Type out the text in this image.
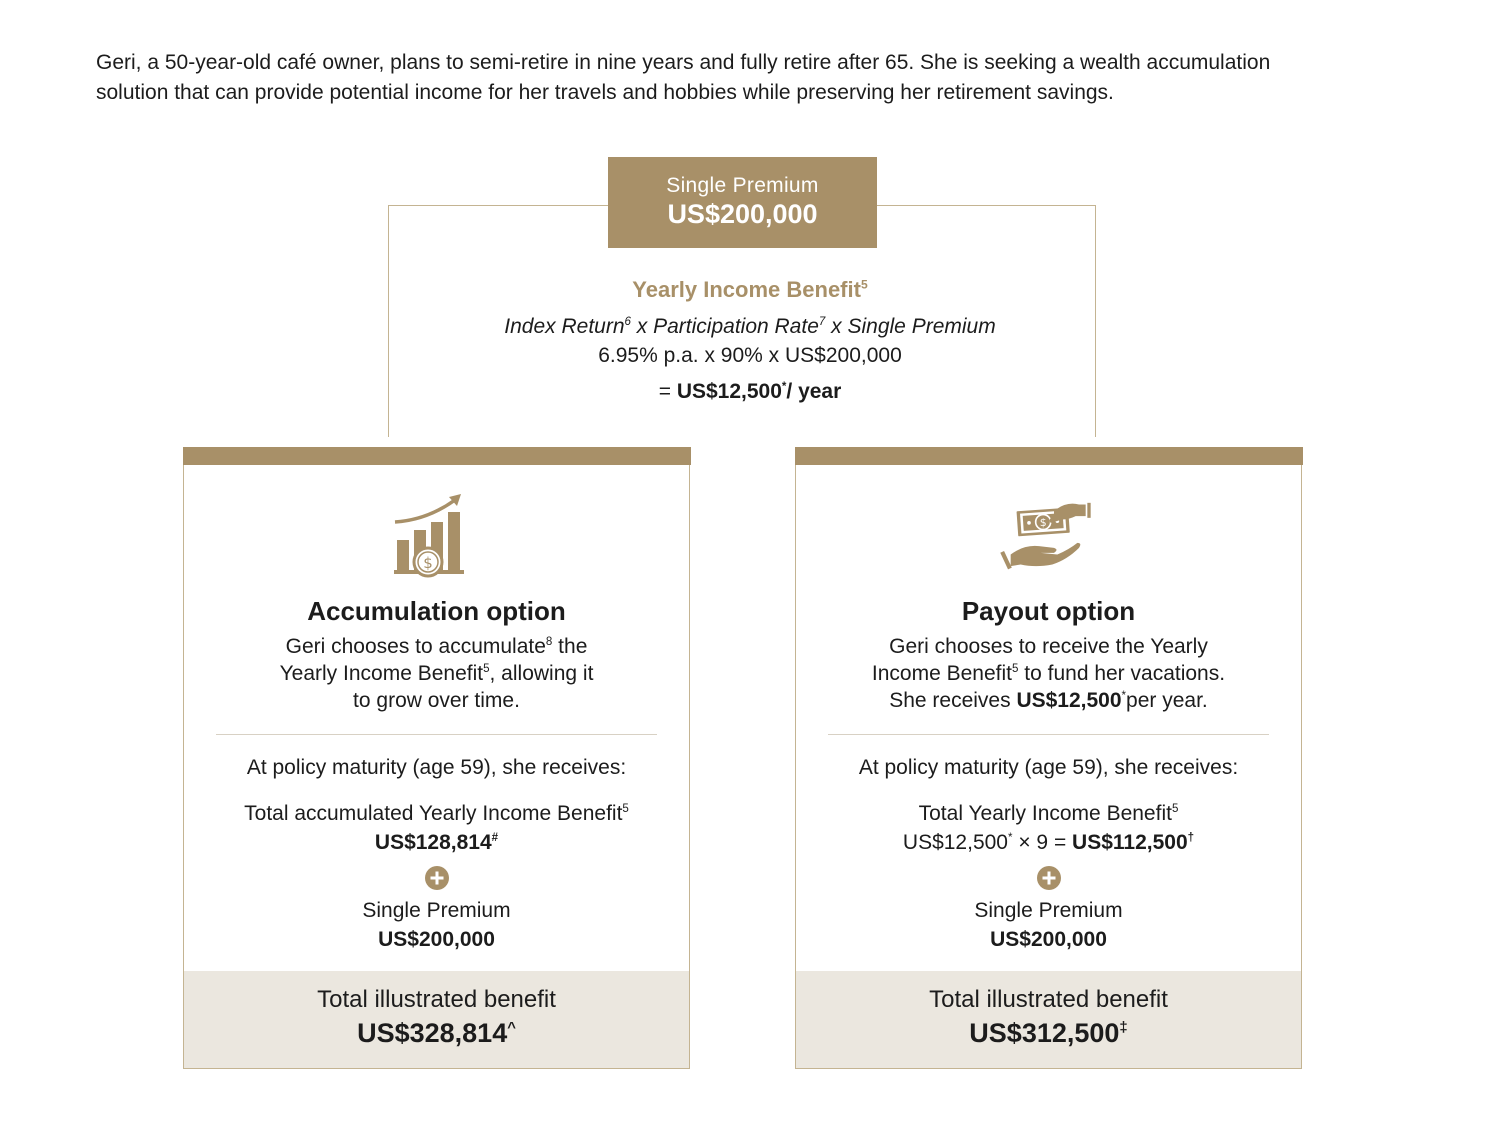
Geri, a 50-year-old café owner, plans to semi-retire in nine years and fully retire after 65. She is seeking a wealth accumulation

solution that can provide potential income for her travels and hobbies while preserving her retirement savings.

Single Premium
US$200,000
Yearly Income Benefit$^5$
Index Return$^6$ x Participation Rate$^7$ x Single Premium
6.95% p.a. x 90% x US$200,000
= US$12,500*/ year
$
Accumulation option
Geri chooses to accumulate$^8$ the
Yearly Income Benefit$^5$, allowing it
to grow over time.
At policy maturity (age 59), she receives:
Total accumulated Yearly Income Benefit$^5$
US$128,814#
Single Premium
US$200,000
Total illustrated benefit
US$328,814^
$
Payout option
Geri chooses to receive the Yearly
Income Benefit$^5$ to fund her vacations.
She receives US$12,500*per year.
At policy maturity (age 59), she receives:
Total Yearly Income Benefit$^5$
US$12,500* × 9 = US$112,500†
Single Premium
US$200,000
Total illustrated benefit
US$312,500‡
